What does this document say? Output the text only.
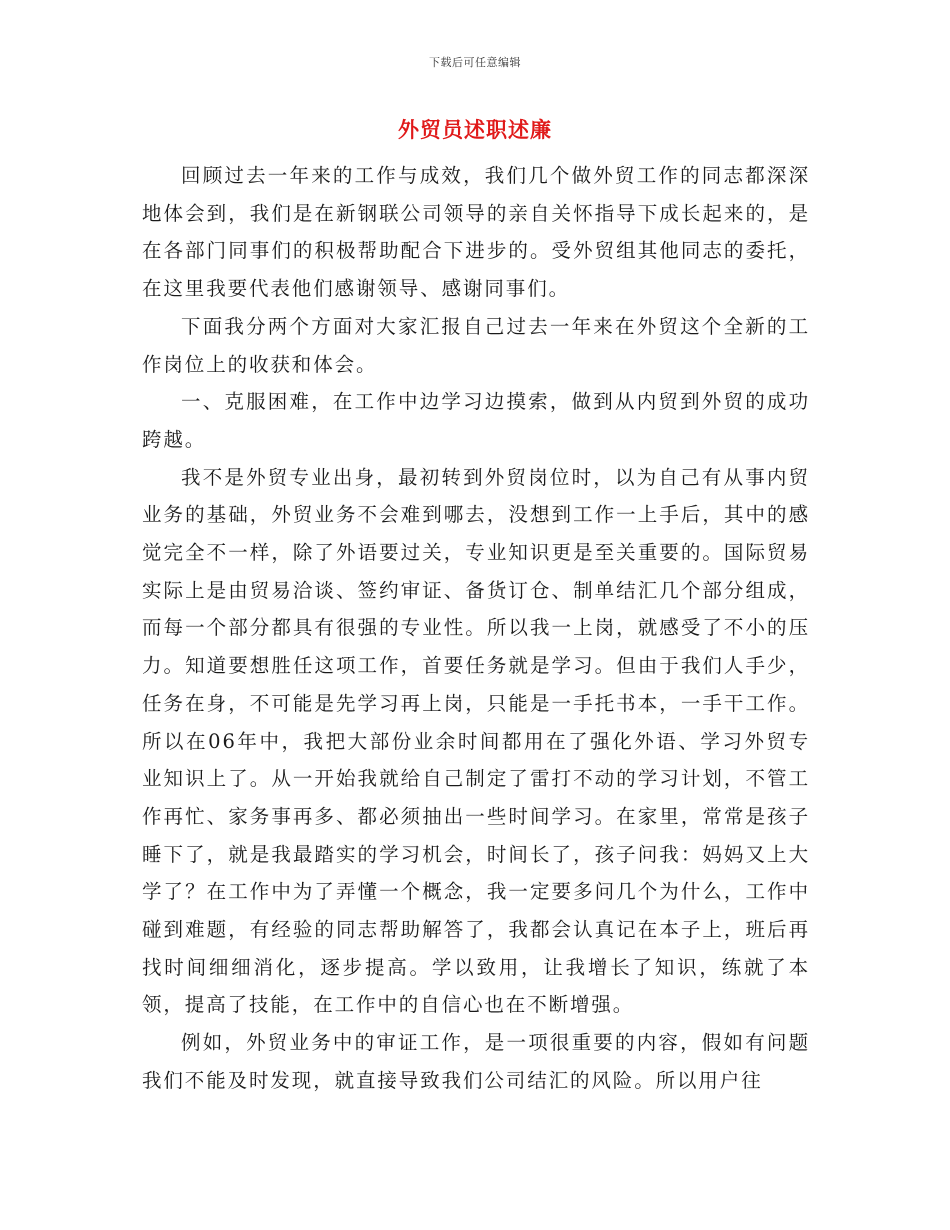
下载后可任意编辑
外贸员述职述廉

回顾过去一年来的工作与成效，我们几个做外贸工作的同志都深深地体会到，我们是在新钢联公司领导的亲自关怀指导下成长起来的，是在各部门同事们的积极帮助配合下进步的。受外贸组其他同志的委托，在这里我要代表他们感谢领导、感谢同事们。

下面我分两个方面对大家汇报自己过去一年来在外贸这个全新的工作岗位上的收获和体会。

一、克服困难，在工作中边学习边摸索，做到从内贸到外贸的成功跨越。

我不是外贸专业出身，最初转到外贸岗位时，以为自己有从事内贸业务的基础，外贸业务不会难到哪去，没想到工作一上手后，其中的感觉完全不一样，除了外语要过关，专业知识更是至关重要的。国际贸易实际上是由贸易洽谈、签约审证、备货订仓、制单结汇几个部分组成，而每一个部分都具有很强的专业性。所以我一上岗，就感受了不小的压力。知道要想胜任这项工作，首要任务就是学习。但由于我们人手少，任务在身，不可能是先学习再上岗，只能是一手托书本，一手干工作。所以在06年中，我把大部份业余时间都用在了强化外语、学习外贸专业知识上了。从一开始我就给自己制定了雷打不动的学习计划，不管工作再忙、家务事再多、都必须抽出一些时间学习。在家里，常常是孩子睡下了，就是我最踏实的学习机会，时间长了，孩子问我：妈妈又上大学了？在工作中为了弄懂一个概念，我一定要多问几个为什么，工作中碰到难题，有经验的同志帮助解答了，我都会认真记在本子上，班后再找时间细细消化，逐步提高。学以致用，让我增长了知识，练就了本领，提高了技能，在工作中的自信心也在不断增强。

例如，外贸业务中的审证工作，是一项很重要的内容，假如有问题我们不能及时发现，就直接导致我们公司结汇的风险。所以用户往
